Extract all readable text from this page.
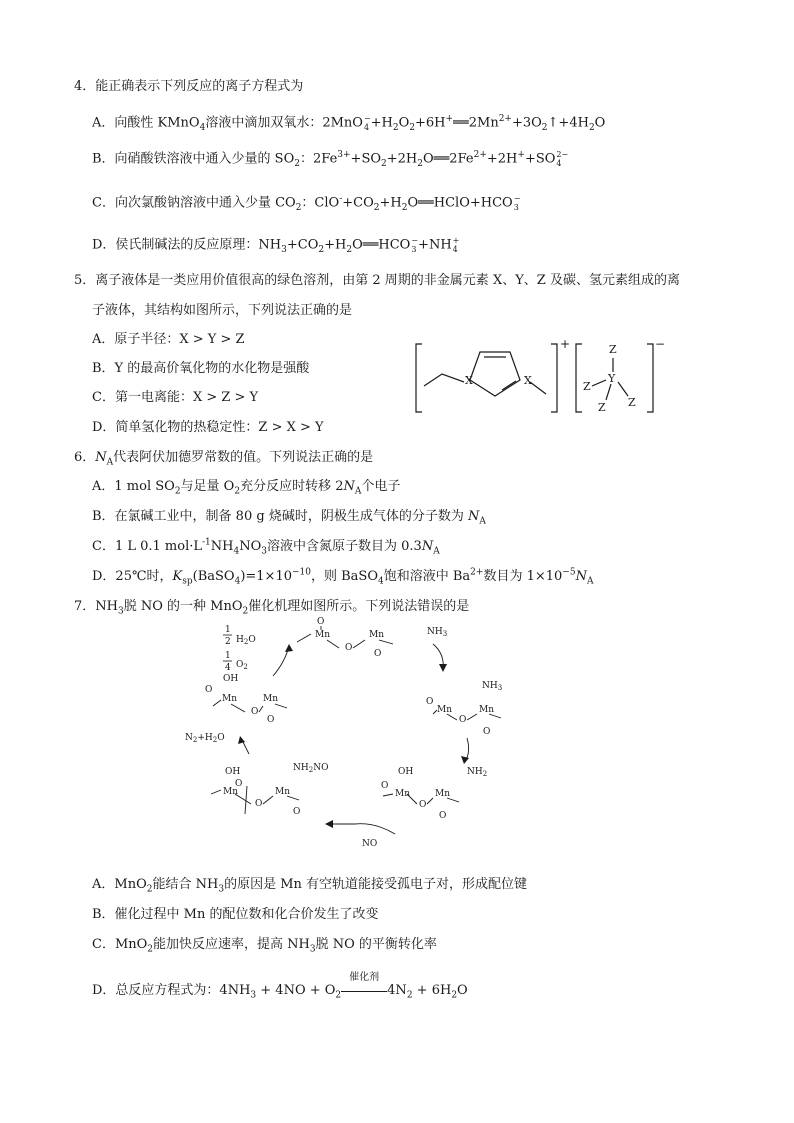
4．能正确表示下列反应的离子方程式为
A．向酸性 KMnO$_4$溶液中滴加双氧水：2MnO −
$4 +H_2O_2+6H^+══2Mn^{2+}+3O_2↑+4H_2O$
B．向硝酸铁溶液中通入少量的 $SO_2$：$2Fe^{3+}+SO_2+2H_2O══2Fe^{2+}+2H^++SO$ 2−
4
C．向次氯酸钠溶液中通入少量 $CO_2$：$ClO^-+CO_2+H_2O══HClO+HCO$ −
3
D．侯氏制碱法的反应原理：$NH_3+CO_2+H_2O══HCO$ −
3 +NH +
4
5．离子液体是一类应用价值很高的绿色溶剂，由第 2 周期的非金属元素 X、Y、Z 及碳、氢元素组成的离
子液体，其结构如图所示，下列说法正确的是
A．原子半径：X > Y > Z
B．Y 的最高价氧化物的水化物是强酸
C．第一电离能：X > Z > Y
D．简单氢化物的热稳定性：Z > X > Y
X	X
+	Z
Y
Z
Z
Z
−
6．$N_A$代表阿伏加德罗常数的值。下列说法正确的是
A．1 mol $SO_2$与足量 $O_2$充分反应时转移 $2N_A$个电子
B．在氯碱工业中，制备 80 g 烧碱时，阴极生成气体的分子数为 $N_A$
C．1 L 0.1 $mol\cdot L^{-1}NH_4NO_3$溶液中含氮原子数目为 $0.3N_A$
D．25℃时，$K_{sp}(BaSO_4)=1\times 10^{-10}$，则 BaSO$_4$饱和溶液中 $Ba^{2+}$数目为 $1\times 10^{-5}N_A$
7．$NH_3$脱 NO 的一种 MnO$_2$催化机理如图所示。下列说法错误的是
1
2 $H_2O$
1
4 $O_2$
O
Mn
O
Mn
O
$NH_3$
OH
O
Mn
O
Mn
O
$N_2+H_2O$
$NH_3$
O
Mn
O
Mn
O
OH	$NH_2NO$
O
Mn	Mn
O
O
OH	$NH_2$
O
Mn
O
Mn
O
NO
A．MnO$_2$能结合 $NH_3$的原因是 Mn 有空轨道能接受孤电子对，形成配位键
B．催化过程中 Mn 的配位数和化合价发生了改变
C．MnO$_2$能加快反应速率，提高 $NH_3$脱 NO 的平衡转化率
D．总反应方程式为：$4NH_3 + 4NO + O_2$
催化剂
$4N_2 + 6H_2O$
